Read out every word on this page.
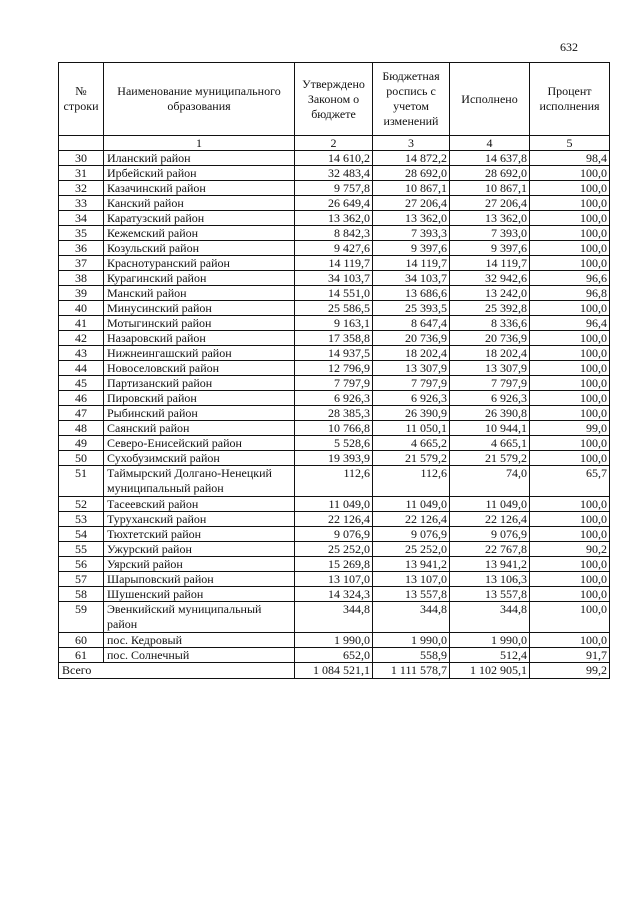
632
№ строки	Наименование муниципального образования	Утверждено Законом о бюджете	Бюджетная роспись с учетом изменений	Исполнено	Процент исполнения
	1	2	3	4	5
30	Иланский район	14 610,2	14 872,2	14 637,8	98,4
31	Ирбейский район	32 483,4	28 692,0	28 692,0	100,0
32	Казачинский район	9 757,8	10 867,1	10 867,1	100,0
33	Канский район	26 649,4	27 206,4	27 206,4	100,0
34	Каратузский район	13 362,0	13 362,0	13 362,0	100,0
35	Кежемский район	8 842,3	7 393,3	7 393,0	100,0
36	Козульский район	9 427,6	9 397,6	9 397,6	100,0
37	Краснотуранский район	14 119,7	14 119,7	14 119,7	100,0
38	Курагинский район	34 103,7	34 103,7	32 942,6	96,6
39	Манский район	14 551,0	13 686,6	13 242,0	96,8
40	Минусинский район	25 586,5	25 393,5	25 392,8	100,0
41	Мотыгинский район	9 163,1	8 647,4	8 336,6	96,4
42	Назаровский район	17 358,8	20 736,9	20 736,9	100,0
43	Нижнеингашский район	14 937,5	18 202,4	18 202,4	100,0
44	Новоселовский район	12 796,9	13 307,9	13 307,9	100,0
45	Партизанский район	7 797,9	7 797,9	7 797,9	100,0
46	Пировский район	6 926,3	6 926,3	6 926,3	100,0
47	Рыбинский район	28 385,3	26 390,9	26 390,8	100,0
48	Саянский район	10 766,8	11 050,1	10 944,1	99,0
49	Северо-Енисейский район	5 528,6	4 665,2	4 665,1	100,0
50	Сухобузимский район	19 393,9	21 579,2	21 579,2	100,0
51	Таймырский Долгано-Ненецкий муниципальный район	112,6	112,6	74,0	65,7
52	Тасеевский район	11 049,0	11 049,0	11 049,0	100,0
53	Туруханский район	22 126,4	22 126,4	22 126,4	100,0
54	Тюхтетский район	9 076,9	9 076,9	9 076,9	100,0
55	Ужурский район	25 252,0	25 252,0	22 767,8	90,2
56	Уярский район	15 269,8	13 941,2	13 941,2	100,0
57	Шарыповский район	13 107,0	13 107,0	13 106,3	100,0
58	Шушенский район	14 324,3	13 557,8	13 557,8	100,0
59	Эвенкийский муниципальный район	344,8	344,8	344,8	100,0
60	пос. Кедровый	1 990,0	1 990,0	1 990,0	100,0
61	пос. Солнечный	652,0	558,9	512,4	91,7
Всего		1 084 521,1	1 111 578,7	1 102 905,1	99,2
